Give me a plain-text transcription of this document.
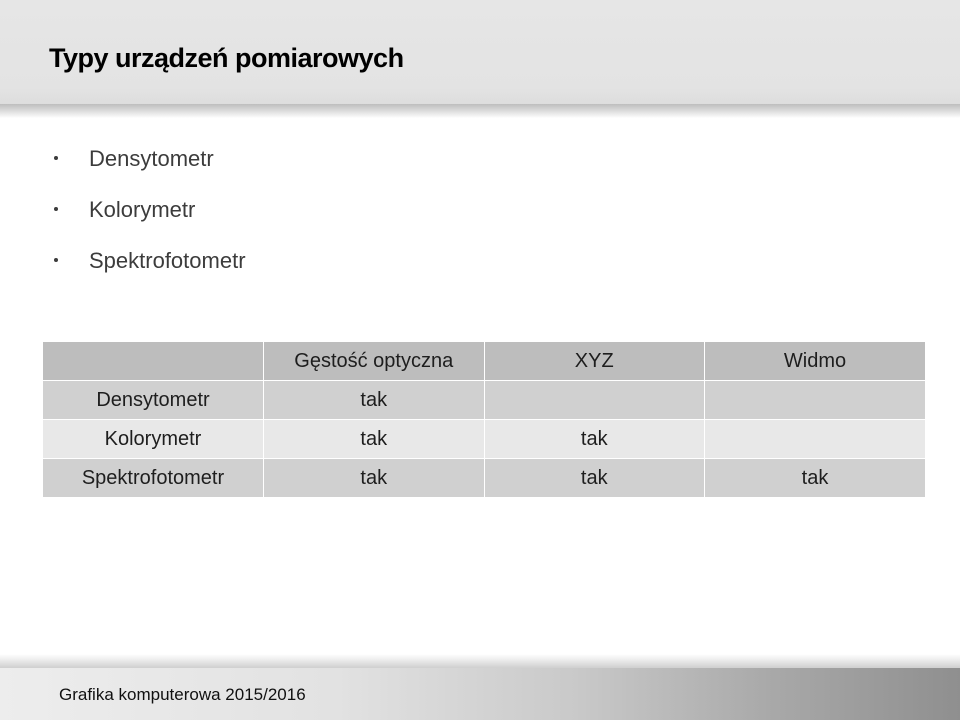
Typy urządzeń pomiarowych
Densytometr
Kolorymetr
Spektrofotometr
	Gęstość optyczna	XYZ	Widmo
Densytometr	tak		
Kolorymetr	tak	tak	
Spektrofotometr	tak	tak	tak
Grafika komputerowa 2015/2016
